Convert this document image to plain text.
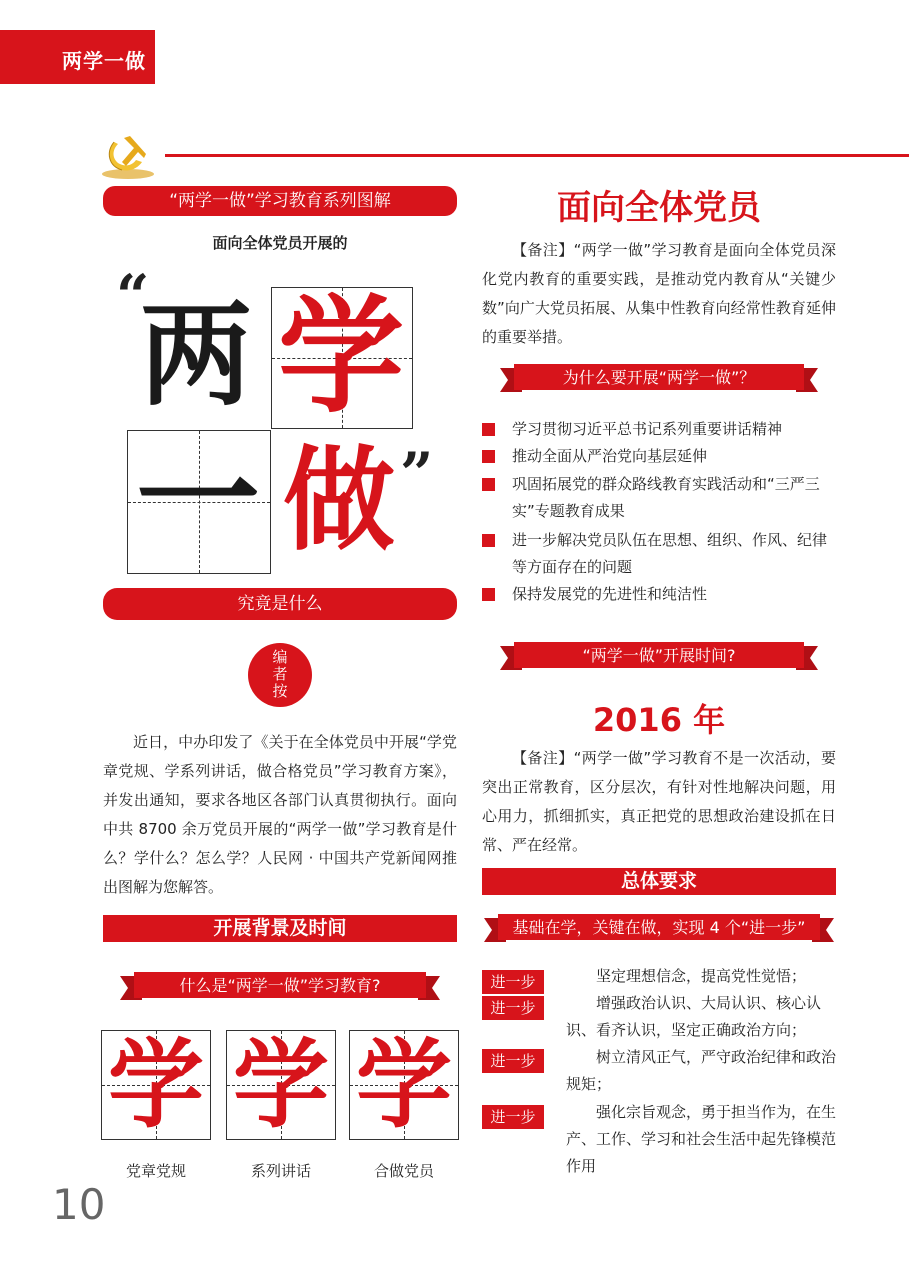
两学一做
“两学一做”学习教育系列图解
面向全体党员开展的
“
两 学
一 做 ”
究竟是什么
编
者
按
近日，中办印发了《关于在全体党员中开展“学党章党规、学系列讲话，做合格党员”学习教育方案》，并发出通知，要求各地区各部门认真贯彻执行。面向中共 8700 余万党员开展的“两学一做”学习教育是什么？学什么？怎么学？人民网 · 中国共产党新闻网推出图解为您解答。
开展背景及时间
什么是“两学一做”学习教育?
学 学 学
党章党规	系列讲话	合做党员
10
面向全体党员
【备注】“两学一做”学习教育是面向全体党员深化党内教育的重要实践，是推动党内教育从“关键少数”向广大党员拓展、从集中性教育向经常性教育延伸的重要举措。
为什么要开展“两学一做”？
学习贯彻习近平总书记系列重要讲话精神
推动全面从严治党向基层延伸
巩固拓展党的群众路线教育实践活动和“三严三实”专题教育成果
进一步解决党员队伍在思想、组织、作风、纪律等方面存在的问题
保持发展党的先进性和纯洁性
“两学一做”开展时间?
2016 年
【备注】“两学一做”学习教育不是一次活动，要突出正常教育，区分层次，有针对性地解决问题，用心用力，抓细抓实，真正把党的思想政治建设抓在日常、严在经常。
总体要求
基础在学，关键在做，实现 4 个“进一步”
进一步	坚定理想信念，提高党性觉悟；
进一步	增强政治认识、大局认识、核心认识、看齐认识，坚定正确政治方向；
进一步	树立清风正气，严守政治纪律和政治规矩；
进一步	强化宗旨观念，勇于担当作为，在生产、工作、学习和社会生活中起先锋模范作用
